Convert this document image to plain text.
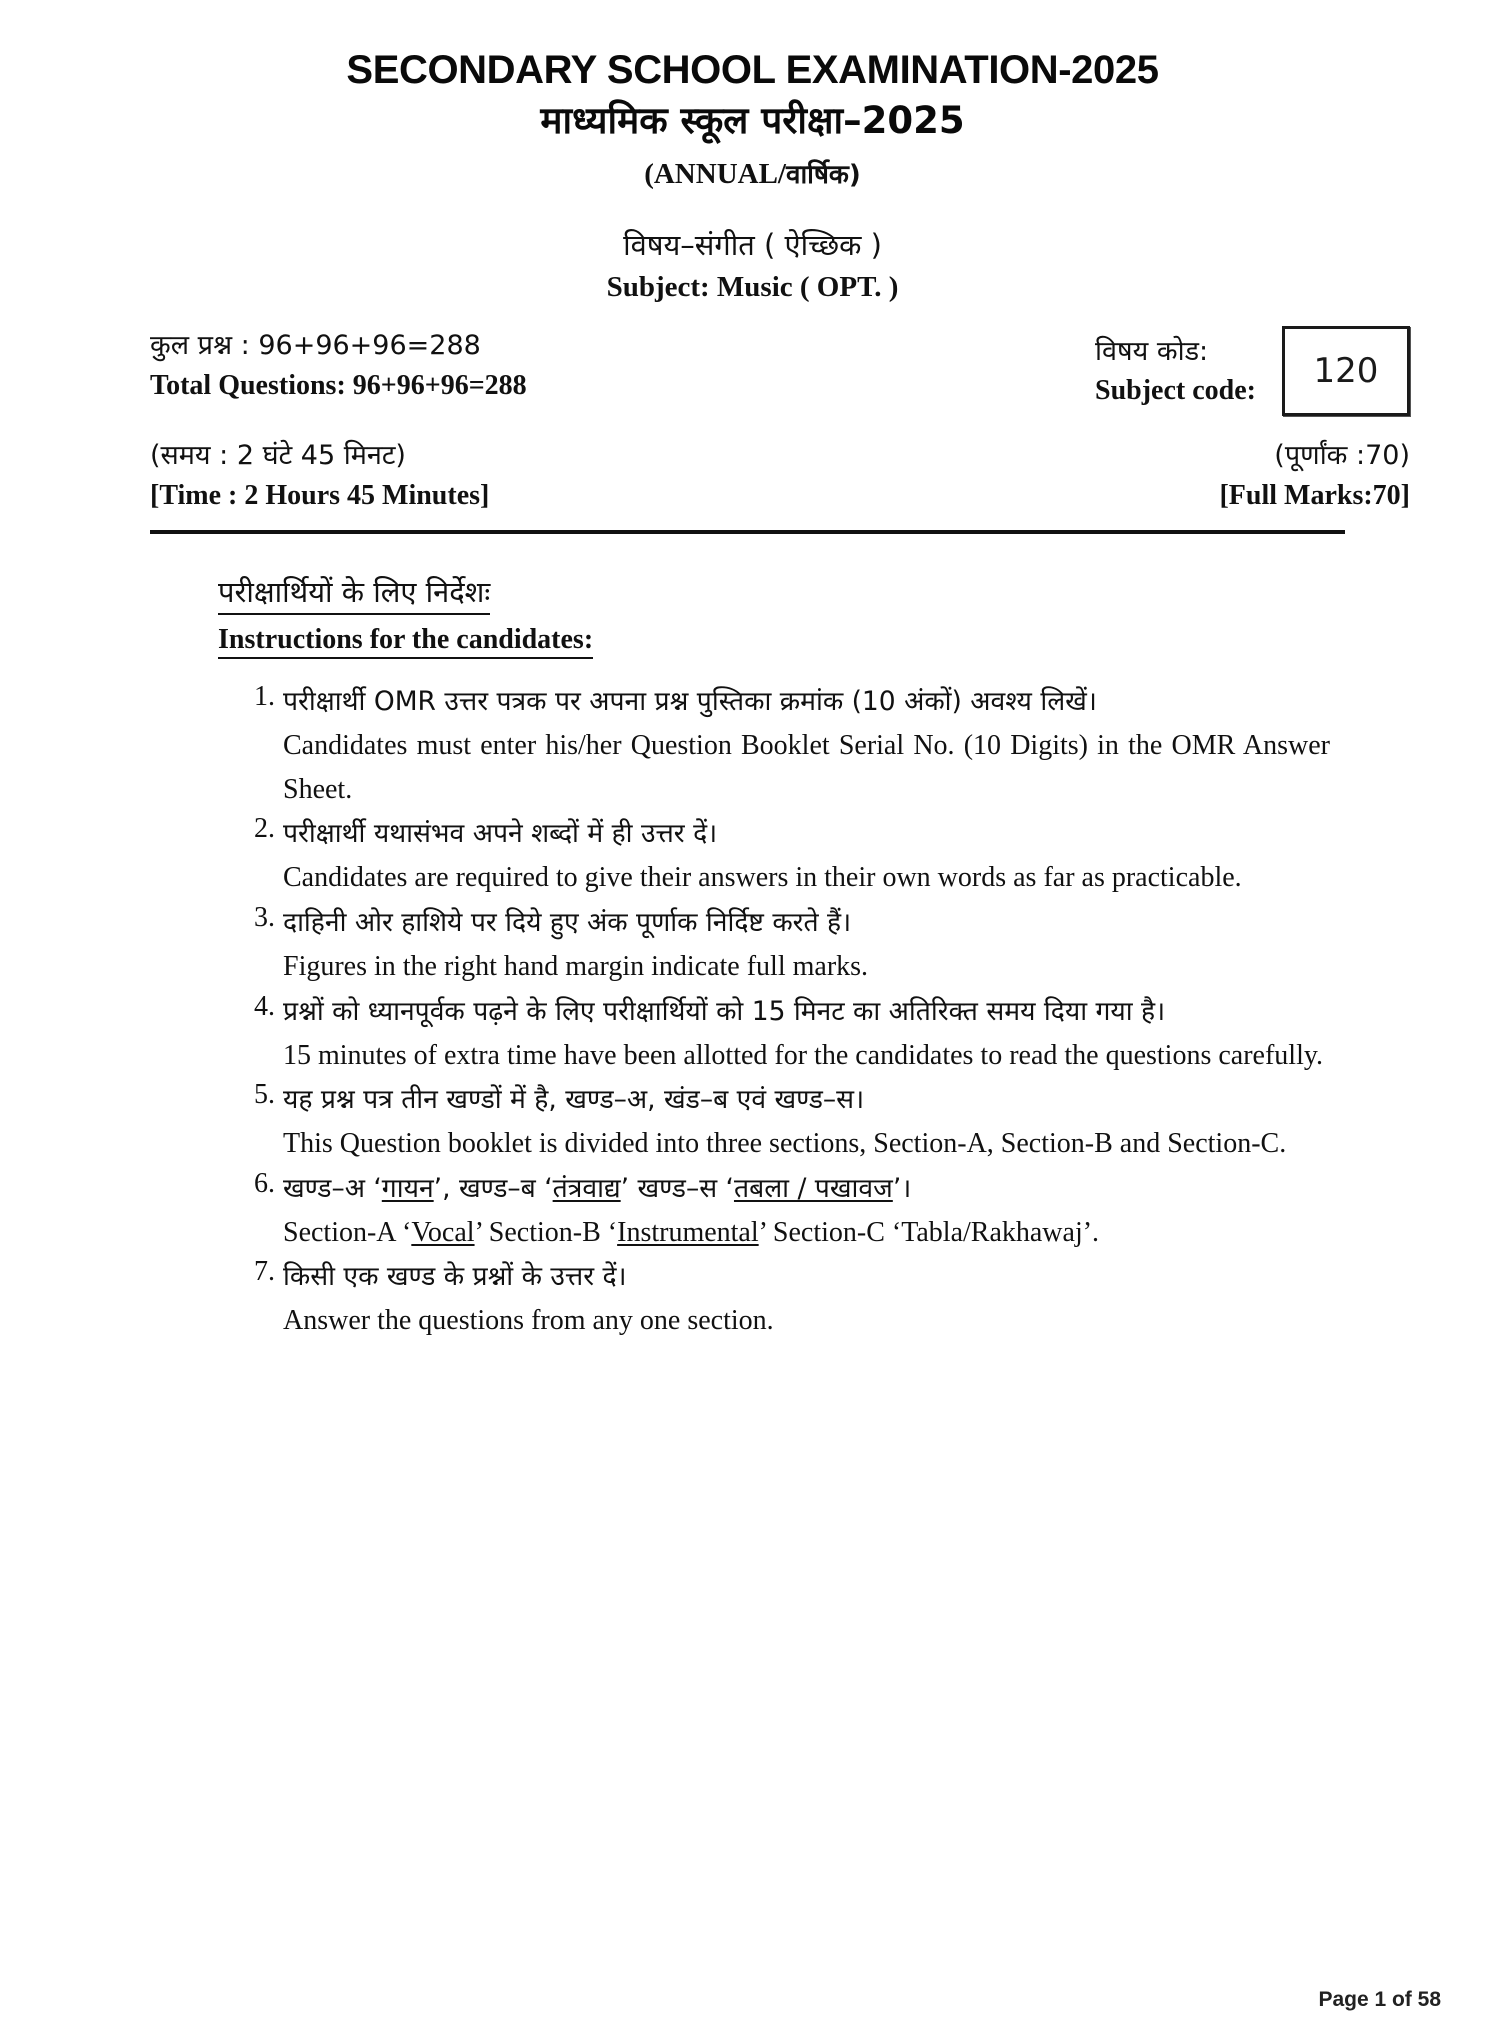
SECONDARY SCHOOL EXAMINATION-2025
माध्यमिक स्कूल परीक्षा–2025
(ANNUAL/वार्षिक)
विषय–संगीत ( ऐच्छिक )
Subject: Music ( OPT. )
कुल प्रश्न : 96+96+96=288
Total Questions: 96+96+96=288
विषय कोड:
Subject code:	120
(समय : 2 घंटे 45 मिनट)
[Time : 2 Hours 45 Minutes]
(पूर्णांक :70)
[Full Marks:70]
परीक्षार्थियों के लिए निर्देशः
Instructions for the candidates:
1. परीक्षार्थी OMR उत्तर पत्रक पर अपना प्रश्न पुस्तिका क्रमांक (10 अंकों) अवश्य लिखें।
Candidates must enter his/her Question Booklet Serial No. (10 Digits) in the OMR Answer Sheet.
2. परीक्षार्थी यथासंभव अपने शब्दों में ही उत्तर दें।
Candidates are required to give their answers in their own words as far as practicable.
3. दाहिनी ओर हाशिये पर दिये हुए अंक पूर्णाक निर्दिष्ट करते हैं।
Figures in the right hand margin indicate full marks.
4. प्रश्नों को ध्यानपूर्वक पढ़ने के लिए परीक्षार्थियों को 15 मिनट का अतिरिक्त समय दिया गया है।
15 minutes of extra time have been allotted for the candidates to read the questions carefully.
5. यह प्रश्न पत्र तीन खण्डों में है, खण्ड–अ, खंड–ब एवं खण्ड–स।
This Question booklet is divided into three sections, Section-A, Section-B and Section-C.
6. खण्ड–अ ‘गायन’, खण्ड–ब ‘तंत्रवाद्य’ खण्ड–स ‘तबला / पखावज’।
Section-A ‘Vocal’ Section-B ‘Instrumental’ Section-C ‘Tabla/Rakhawaj’.
7. किसी एक खण्ड के प्रश्नों के उत्तर दें।
Answer the questions from any one section.
Page 1 of 58
